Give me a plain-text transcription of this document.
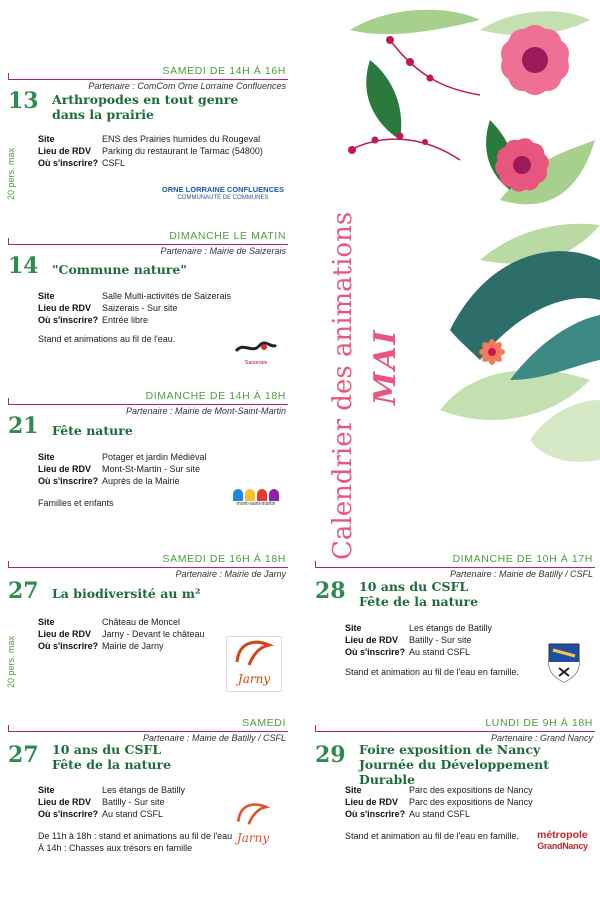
Calendrier des animations MAI
SAMEDI DE 14H À 16H
Partenaire : ComCom Orne Lorraine Confluences
13 Arthropodes en tout genre
dans la prairie
Site	ENS des Prairies humides du Rougeval
Lieu de RDV	Parking du restaurant le Tarmac (54800)
Où s'inscrire? CSFL
ORNE LORRAINE CONFLUENCES
COMMUNAUTÉ DE COMMUNES
20 pers. max
DIMANCHE LE MATIN
Partenaire : Mairie de Saizerais
14 "Commune nature"
Site	Salle Multi-activités de Saizerais
Lieu de RDV	Saizerais - Sur site
Où s'inscrire? Entrée libre
Stand et animations au fil de l'eau.
Saizerais
DIMANCHE DE 14H À 18H
Partenaire : Mairie de Mont-Saint-Martin
21 Fête nature
Site	Potager et jardin Médiéval
Lieu de RDV	Mont-St-Martin - Sur site
Où s'inscrire? Auprès de la Mairie
Familles et enfants	mont-saint-martin
SAMEDI DE 16H À 18H
Partenaire : Mairie de Jarny
27 La biodiversité au m²
Site	Château de Moncel
Lieu de RDV	Jarny - Devant le château
Où s'inscrire? Mairie de Jarny
Jarny
20 pers. max
DIMANCHE DE 10H À 17H
Partenaire : Mairie de Batilly / CSFL
28 10 ans du CSFL
Fête de la nature
Site	Les étangs de Batilly
Lieu de RDV	Batilly - Sur site
Où s'inscrire? Au stand CSFL
Stand et animation au fil de l'eau en famille.
SAMEDI
Partenaire : Mairie de Batilly / CSFL
27 10 ans du CSFL
Fête de la nature
Site	Les étangs de Batilly
Lieu de RDV	Batilly - Sur site
Où s'inscrire? Au stand CSFL
De 11h à 18h : stand et animations au fil de l'eau
À 14h : Chasses aux trésors en famille
Jarny
LUNDI DE 9H À 18H
Partenaire : Grand Nancy
29 Foire exposition de Nancy
Journée du Développement Durable
Site	Parc des expositions de Nancy
Lieu de RDV	Parc des expositions de Nancy
Où s'inscrire? Au stand CSFL
Stand et animation au fil de l'eau en famille. métropole
GrandNancy
